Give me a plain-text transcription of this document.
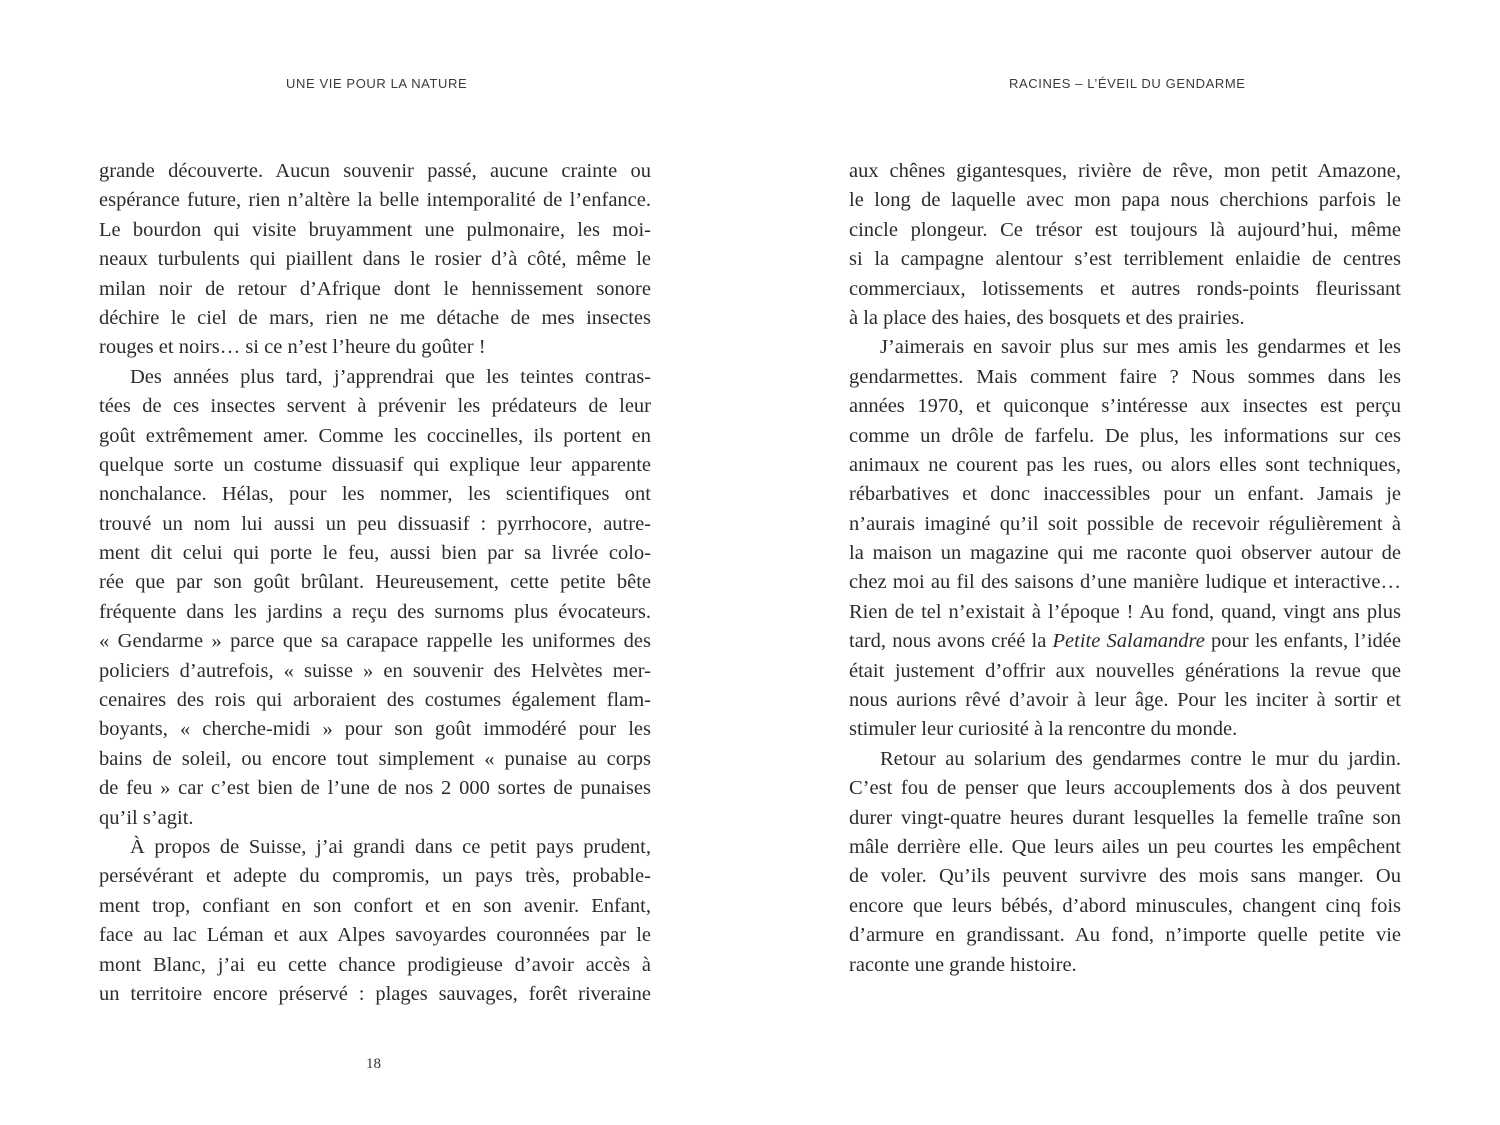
UNE VIE POUR LA NATURE
grande découverte. Aucun souvenir passé, aucune crainte ou
espérance future, rien n’altère la belle intemporalité de l’enfance.
Le bourdon qui visite bruyamment une pulmonaire, les moi-
neaux turbulents qui piaillent dans le rosier d’à côté, même le
milan noir de retour d’Afrique dont le hennissement sonore
déchire le ciel de mars, rien ne me détache de mes insectes
rouges et noirs… si ce n’est l’heure du goûter !
Des années plus tard, j’apprendrai que les teintes contras-
tées de ces insectes servent à prévenir les prédateurs de leur
goût extrêmement amer. Comme les coccinelles, ils portent en
quelque sorte un costume dissuasif qui explique leur apparente
nonchalance. Hélas, pour les nommer, les scientifiques ont
trouvé un nom lui aussi un peu dissuasif : pyrrhocore, autre-
ment dit celui qui porte le feu, aussi bien par sa livrée colo-
rée que par son goût brûlant. Heureusement, cette petite bête
fréquente dans les jardins a reçu des surnoms plus évocateurs.
« Gendarme » parce que sa carapace rappelle les uniformes des
policiers d’autrefois, « suisse » en souvenir des Helvètes mer-
cenaires des rois qui arboraient des costumes également flam-
boyants, « cherche-midi » pour son goût immodéré pour les
bains de soleil, ou encore tout simplement « punaise au corps
de feu » car c’est bien de l’une de nos 2 000 sortes de punaises
qu’il s’agit.
À propos de Suisse, j’ai grandi dans ce petit pays prudent,
persévérant et adepte du compromis, un pays très, probable-
ment trop, confiant en son confort et en son avenir. Enfant,
face au lac Léman et aux Alpes savoyardes couronnées par le
mont Blanc, j’ai eu cette chance prodigieuse d’avoir accès à
un territoire encore préservé : plages sauvages, forêt riveraine
18
RACINES – L’ÉVEIL DU GENDARME
aux chênes gigantesques, rivière de rêve, mon petit Amazone,
le long de laquelle avec mon papa nous cherchions parfois le
cincle plongeur. Ce trésor est toujours là aujourd’hui, même
si la campagne alentour s’est terriblement enlaidie de centres
commerciaux, lotissements et autres ronds-points fleurissant
à la place des haies, des bosquets et des prairies.
J’aimerais en savoir plus sur mes amis les gendarmes et les
gendarmettes. Mais comment faire ? Nous sommes dans les
années 1970, et quiconque s’intéresse aux insectes est perçu
comme un drôle de farfelu. De plus, les informations sur ces
animaux ne courent pas les rues, ou alors elles sont techniques,
rébarbatives et donc inaccessibles pour un enfant. Jamais je
n’aurais imaginé qu’il soit possible de recevoir régulièrement à
la maison un magazine qui me raconte quoi observer autour de
chez moi au fil des saisons d’une manière ludique et interactive…
Rien de tel n’existait à l’époque ! Au fond, quand, vingt ans plus
tard, nous avons créé la Petite Salamandre pour les enfants, l’idée
était justement d’offrir aux nouvelles générations la revue que
nous aurions rêvé d’avoir à leur âge. Pour les inciter à sortir et
stimuler leur curiosité à la rencontre du monde.
Retour au solarium des gendarmes contre le mur du jardin.
C’est fou de penser que leurs accouplements dos à dos peuvent
durer vingt-quatre heures durant lesquelles la femelle traîne son
mâle derrière elle. Que leurs ailes un peu courtes les empêchent
de voler. Qu’ils peuvent survivre des mois sans manger. Ou
encore que leurs bébés, d’abord minuscules, changent cinq fois
d’armure en grandissant. Au fond, n’importe quelle petite vie
raconte une grande histoire.
